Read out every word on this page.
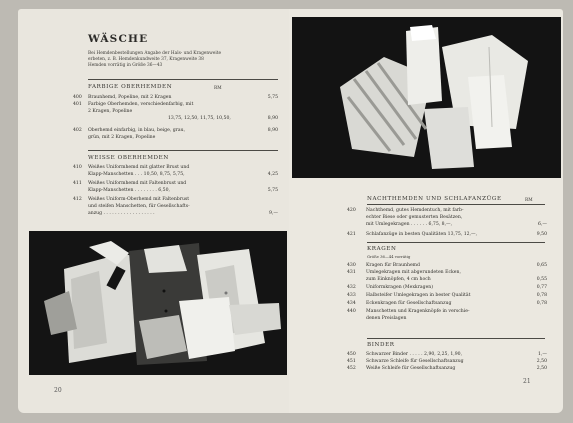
WÄSCHE
Bei Hemdenbestellungen Angabe der Hals- und Kragenweite
erbeten, z. B. Hemdenkundweite 37, Kragenweite 38
Hemden vorrätig in Größe 36—43
FARBIGE OBERHEMDEN	RM
400 Braunhemd, Popeline, mit 2 Kragen	5,75
401 Farbige Oberhemden, verschiedenfarbig, mit
2 Kragen, Popeline
13,75, 12,50, 11,75, 10,50,	8,90
402 Oberhemd einfarbig, in blau, beige, grau,	8,90
grün, mit 2 Kragen, Popeline
WEISSE OBERHEMDEN
410 Weißes Uniformhemd mit glatter Brust und
Klapp-Manschetten . . . 10,50, 8,75, 5,75,	4,25
411 Weißes Uniformhemd mit Faltenbrust und
Klapp-Manschetten . . . . . . . . 6,50,	5,75
412 Weißes Uniform-Oberhemd mit Faltenbrust
und steifen Manschetten, für Gesellschafts-
anzug . . . . . . . . . . . . . . . . . .	9,—
20
NACHTHEMDEN UND SCHLAFANZÜGE	RM
420 Nachthemd, gutes Hemdentuch, mit farb-
echter Biese oder gemusterten Besätzen,
mit Umlegekragen . . . . . . 6,75, 8,—,	6,—
421 Schlafanzüge in besten Qualitäten 13,75, 12,—,	9,50
KRAGEN
Größe 36—44 vorrätig
430 Kragen für Braunhemd	0,65
431 Umlegekragen mit abgerundeten Ecken,
zum Einknöpfen, 4 cm hoch	0,55
432 Uniformkragen (Mexkragen)	0,77
433 Halbsteifer Umlegekragen in bester Qualität	0,78
434 Eckenkragen für Gesellschaftsanzug	0,78
440 Manschetten und Kragenknöpfe in verschie-
denen Preislagen
BINDER
450 Schwarzer Binder . . . . . 2,90, 2,25, 1,90,	1,—
451 Schwarze Schleife für Gesellschaftsanzug	2,50
452 Weiße Schleife für Gesellschaftsanzug	2,50
21
